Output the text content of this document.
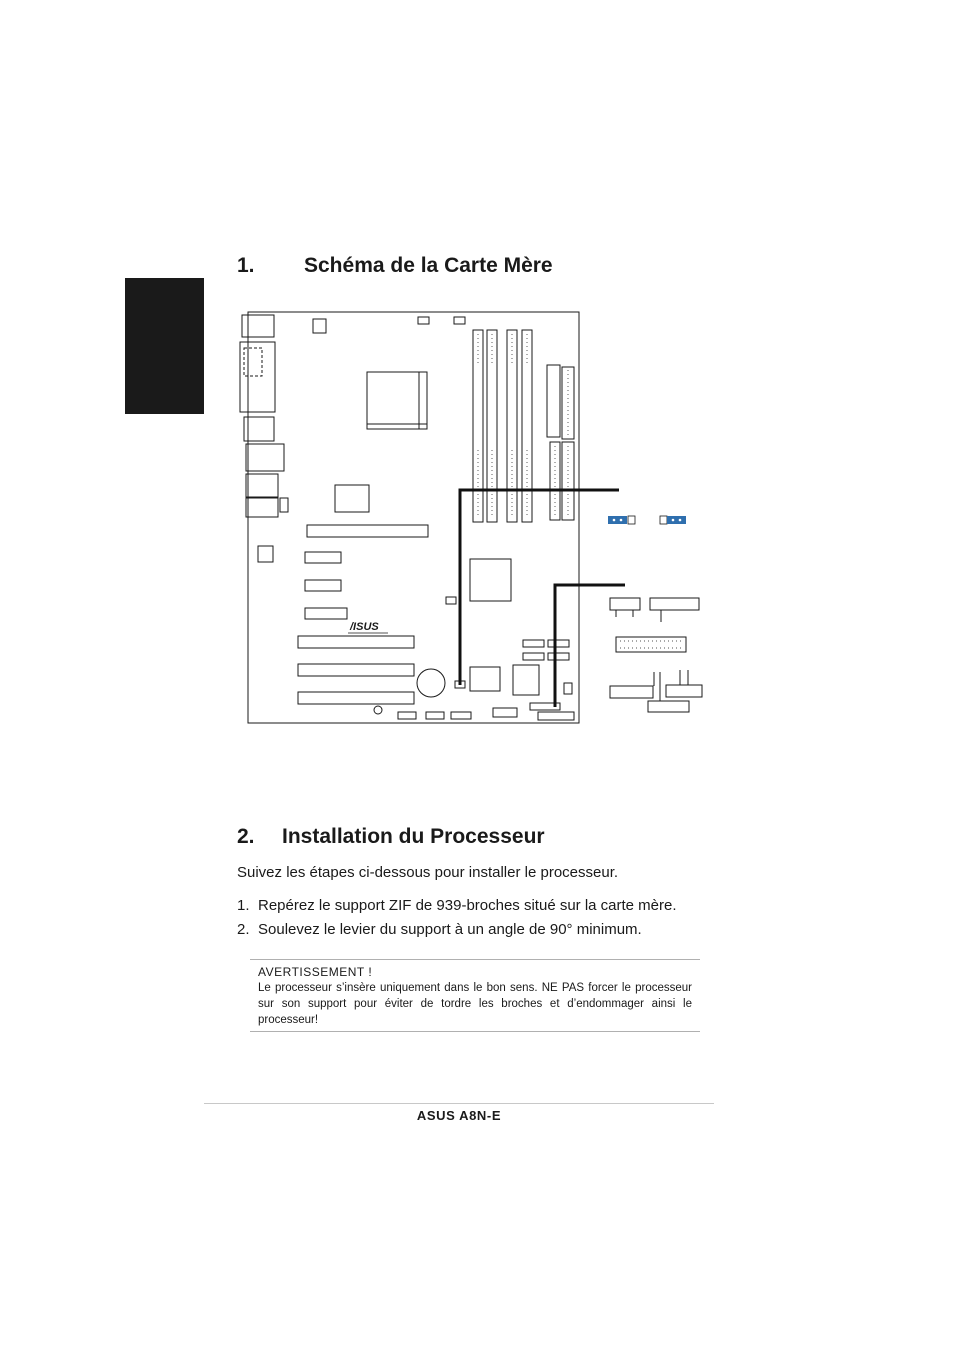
1. Schéma de la Carte Mère
/ISUS
2. Installation du Processeur
Suivez les étapes ci-dessous pour installer le processeur.
1. Repérez le support ZIF de 939-broches situé sur la carte mère.
2. Soulevez le levier du support à un angle de 90° minimum.
AVERTISSEMENT !
Le processeur s’insère uniquement dans le bon sens. NE PAS forcer le processeur sur son support pour éviter de tordre les broches et d’endommager ainsi le processeur!
ASUS A8N-E
